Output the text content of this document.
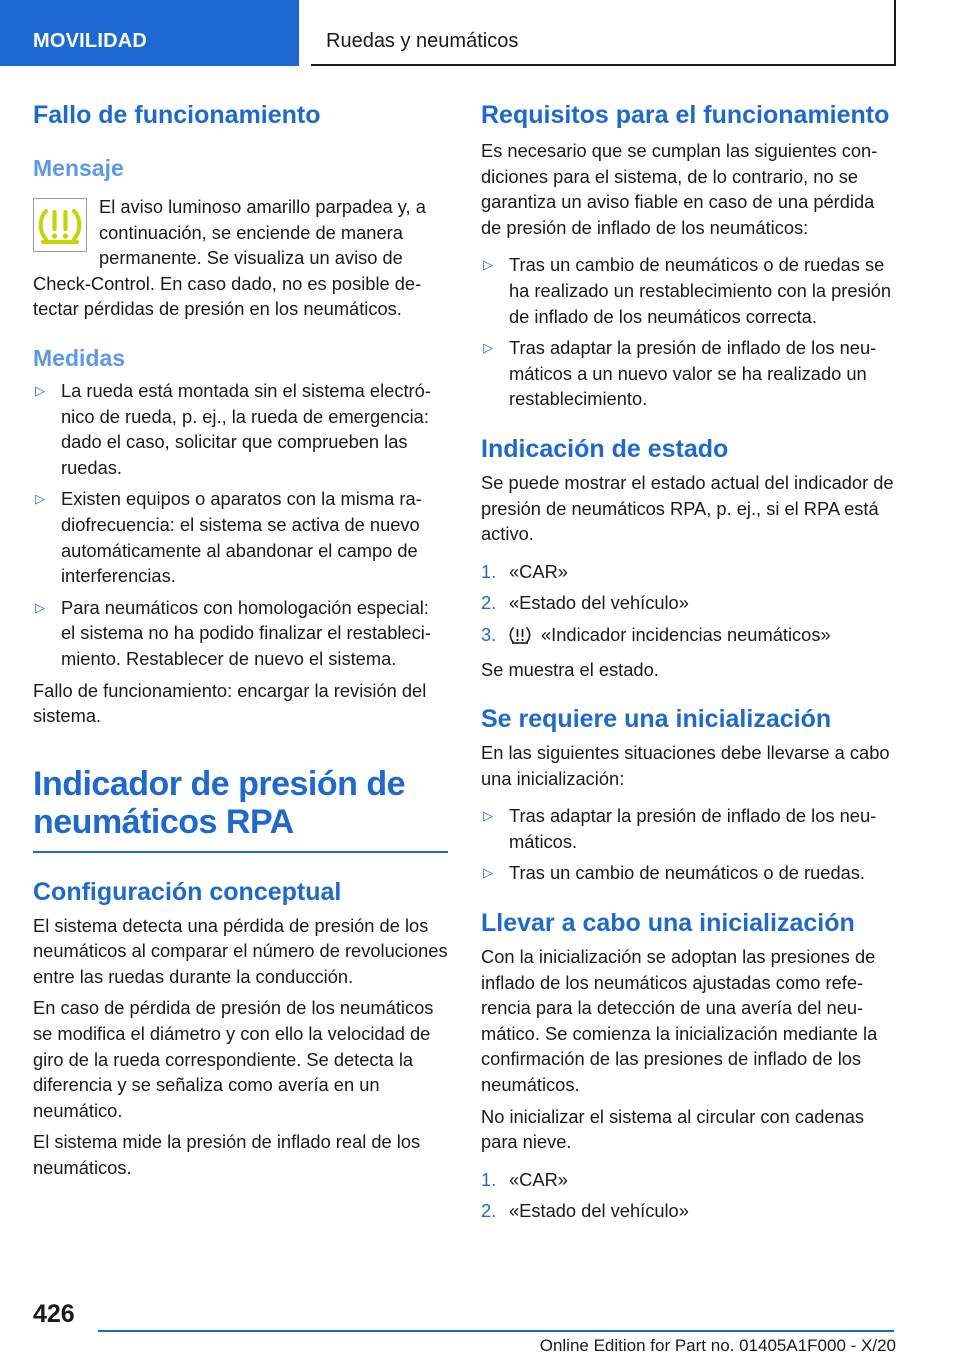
MOVILIDAD	Ruedas y neumáticos
Fallo de funcionamiento
Mensaje

El aviso luminoso amarillo parpadea y, a continuación, se enciende de manera permanente. Se visualiza un aviso de Check-Control. En caso dado, no es posible detectar pérdidas de presión en los neumáticos.

Medidas
▷ La rueda está montada sin el sistema electrónico de rueda, p. ej., la rueda de emergencia: dado el caso, solicitar que comprueben las ruedas.
▷ Existen equipos o aparatos con la misma radiofrecuencia: el sistema se activa de nuevo automáticamente al abandonar el campo de interferencias.
▷ Para neumáticos con homologación especial: el sistema no ha podido finalizar el restablecimiento. Restablecer de nuevo el sistema.

Fallo de funcionamiento: encargar la revisión del sistema.

Indicador de presión de neumáticos RPA
Configuración conceptual

El sistema detecta una pérdida de presión de los neumáticos al comparar el número de revoluciones entre las ruedas durante la conducción.

En caso de pérdida de presión de los neumáticos se modifica el diámetro y con ello la velocidad de giro de la rueda correspondiente. Se detecta la diferencia y se señaliza como avería en un neumático.

El sistema mide la presión de inflado real de los neumáticos.

Requisitos para el funcionamiento

Es necesario que se cumplan las siguientes condiciones para el sistema, de lo contrario, no se garantiza un aviso fiable en caso de una pérdida de presión de inflado de los neumáticos:

▷ Tras un cambio de neumáticos o de ruedas se ha realizado un restablecimiento con la presión de inflado de los neumáticos correcta.
▷ Tras adaptar la presión de inflado de los neumáticos a un nuevo valor se ha realizado un restablecimiento.
Indicación de estado

Se puede mostrar el estado actual del indicador de presión de neumáticos RPA, p. ej., si el RPA está activo.

1. «CAR»
2. «Estado del vehículo»
3. «Indicador incidencias neumáticos»

Se muestra el estado.

Se requiere una inicialización

En las siguientes situaciones debe llevarse a cabo una inicialización:

▷ Tras adaptar la presión de inflado de los neumáticos.
▷ Tras un cambio de neumáticos o de ruedas.
Llevar a cabo una inicialización

Con la inicialización se adoptan las presiones de inflado de los neumáticos ajustadas como referencia para la detección de una avería del neumático. Se comienza la inicialización mediante la confirmación de las presiones de inflado de los neumáticos.

No inicializar el sistema al circular con cadenas para nieve.

1. «CAR»
2. «Estado del vehículo»
426
Online Edition for Part no. 01405A1F000 - X/20
